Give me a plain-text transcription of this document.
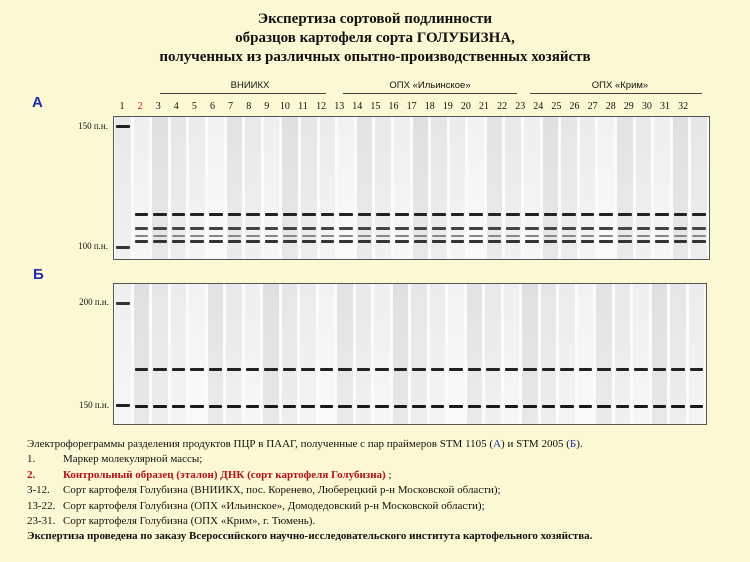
Экспертиза сортовой подлинности
образцов картофеля сорта ГОЛУБИЗНА,
полученных из различных опытно-производственных хозяйств
ВНИИКХ	ОПХ «Ильинское»	ОПХ «Крим»
1	2	3	4	5	6	7	8	9	10 11 12 13 14 15 16 17 18 19 20 21 22 23 24 25 26 27 28 29 30 31 32
А
150 п.н.
100 п.н.
Б
200 п.н.
150 п.н.
Электрофореграммы разделения продуктов ПЦР в ПААГ, полученные с пар праймеров STM 1105 (А) и STM 2005 (Б).
1.	Маркер молекулярной массы;
2.	Контрольный образец (эталон) ДНК (сорт картофеля Голубизна) ;
3-12. Сорт картофеля Голубизна (ВНИИКХ, пос. Коренево, Люберецкий р-н Московской области);
13-22. Сорт картофеля Голубизна (ОПХ «Ильинское», Домодедовский р-н Московской области);
23-31. Сорт картофеля Голубизна (ОПХ «Крим», г. Тюмень).
Экспертиза проведена по заказу Всероссийского научно-исследовательского института картофельного хозяйства.
